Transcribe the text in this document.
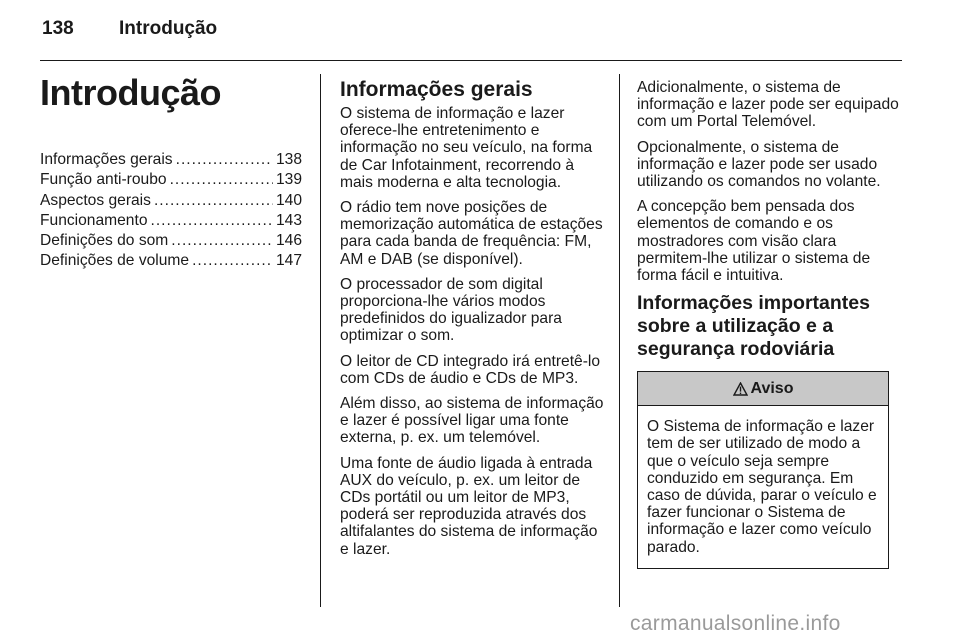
138 Introdução
Introdução
Informações gerais .....	138
Função anti-roubo .....	139
Aspectos gerais .....	140
Funcionamento .....	143
Definições do som .....	146
Definições de volume .....	147
Informações gerais

O sistema de informação e lazer oferece-lhe entretenimento e informação no seu veículo, na forma de Car Infotainment, recorrendo à mais moderna e alta tecnologia.

O rádio tem nove posições de memorização automática de estações para cada banda de frequência: FM, AM e DAB (se disponível).

O processador de som digital proporciona-lhe vários modos predefinidos do igualizador para optimizar o som.

O leitor de CD integrado irá entretê-lo com CDs de áudio e CDs de MP3.

Além disso, ao sistema de informação e lazer é possível ligar uma fonte externa, p. ex. um telemóvel.

Uma fonte de áudio ligada à entrada AUX do veículo, p. ex. um leitor de CDs portátil ou um leitor de MP3, poderá ser reproduzida através dos altifalantes do sistema de informação e lazer.

Adicionalmente, o sistema de informação e lazer pode ser equipado com um Portal Telemóvel.

Opcionalmente, o sistema de informação e lazer pode ser usado utilizando os comandos no volante.

A concepção bem pensada dos elementos de comando e os mostradores com visão clara permitem-lhe utilizar o sistema de forma fácil e intuitiva.

Informações importantes sobre a utilização e a segurança rodoviária
Aviso
O Sistema de informação e lazer tem de ser utilizado de modo a que o veículo seja sempre conduzido em segurança. Em caso de dúvida, parar o veículo e fazer funcionar o Sistema de informação e lazer como veículo parado.
carmanualsonline.info
